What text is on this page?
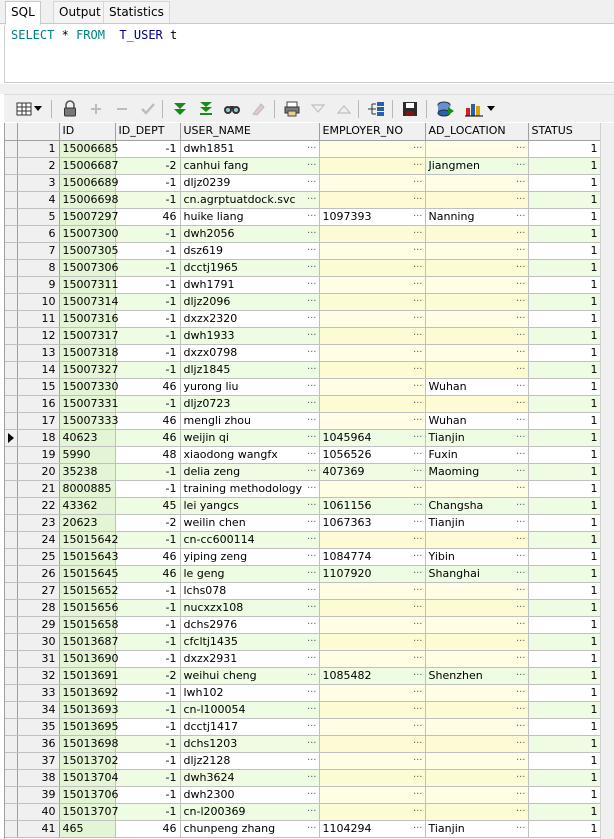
SQL	Output Statistics
SELECT * FROM T_USER t
		ID	ID_DEPT	USER_NAME	EMPLOYER_NO	AD_LOCATION	STATUS
	1	15006685	-1	dwh1851 ···	···	···	1
	2	15006687	-2	canhui fang ···	···	Jiangmen ···	1
	3	15006689	-1	dljz0239 ···	···	···	1
	4	15006698	-1	cn.agrptuatdock.svc ···	···	···	1
	5	15007297	46	huike liang ···	1097393 ···	Nanning ···	1
	6	15007300	-1	dwh2056 ···	···	···	1
	7	15007305	-1	dsz619 ···	···	···	1
	8	15007306	-1	dcctj1965 ···	···	···	1
	9	15007311	-1	dwh1791 ···	···	···	1
	10	15007314	-1	dljz2096 ···	···	···	1
	11	15007316	-1	dxzx2320 ···	···	···	1
	12	15007317	-1	dwh1933 ···	···	···	1
	13	15007318	-1	dxzx0798 ···	···	···	1
	14	15007327	-1	dljz1845 ···	···	···	1
	15	15007330	46	yurong liu ···	···	Wuhan ···	1
	16	15007331	-1	dljz0723 ···	···	···	1
	17	15007333	46	mengli zhou ···	···	Wuhan ···	1

	18	40623	46	weijin qi ···	1045964 ···	Tianjin ···	1
	19	5990	48	xiaodong wangfx ···	1056526 ···	Fuxin ···	1
	20	35238	-1	delia zeng ···	407369 ···	Maoming ···	1
	21	8000885	-1	training methodology ···	···	···	1
	22	43362	45	lei yangcs ···	1061156 ···	Changsha ···	1
	23	20623	-2	weilin chen ···	1067363 ···	Tianjin ···	1
	24	15015642	-1	cn-cc600114 ···	···	···	1
	25	15015643	46	yiping zeng ···	1084774 ···	Yibin ···	1
	26	15015645	46	le geng ···	1107920 ···	Shanghai ···	1
	27	15015652	-1	lchs078 ···	···	···	1
	28	15015656	-1	nucxzx108 ···	···	···	1
	29	15015658	-1	dchs2976 ···	···	···	1
	30	15013687	-1	cfcltj1435 ···	···	···	1
	31	15013690	-1	dxzx2931 ···	···	···	1
	32	15013691	-2	weihui cheng ···	1085482 ···	Shenzhen ···	1
	33	15013692	-1	lwh102 ···	···	···	1
	34	15013693	-1	cn-l100054 ···	···	···	1
	35	15013695	-1	dcctj1417 ···	···	···	1
	36	15013698	-1	dchs1203 ···	···	···	1
	37	15013702	-1	dljz2128 ···	···	···	1
	38	15013704	-1	dwh3624 ···	···	···	1
	39	15013706	-1	dwh2300 ···	···	···	1
	40	15013707	-1	cn-l200369 ···	···	···	1
	41	465	46	chunpeng zhang ···	1104294 ···	Tianjin ···	1
